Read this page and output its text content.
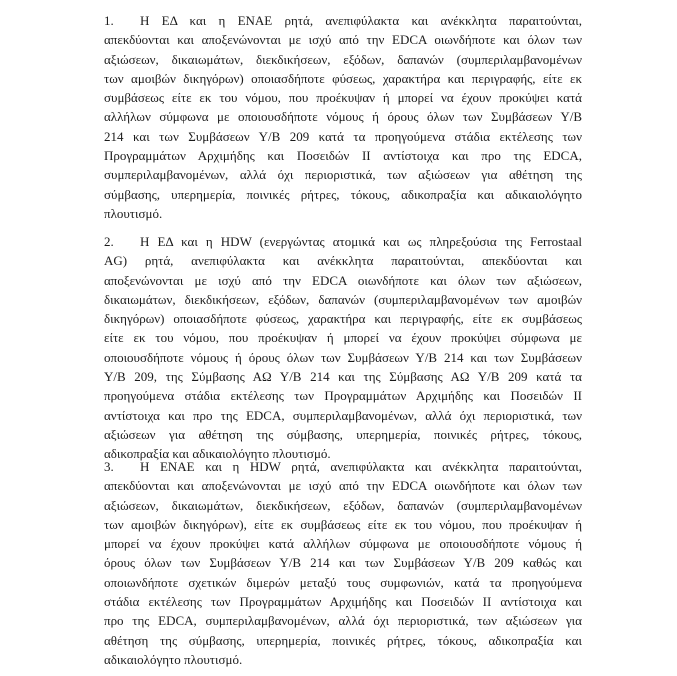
1. Η ΕΔ και η ΕΝΑΕ ρητά, ανεπιφύλακτα και ανέκκλητα παραιτούνται,
απεκδύονται και αποξενώνονται με ισχύ από την EDCA οιωνδήποτε και όλων των
αξιώσεων, δικαιωμάτων, διεκδικήσεων, εξόδων, δαπανών (συμπεριλαμβανομένων
των αμοιβών δικηγόρων) οποιασδήποτε φύσεως, χαρακτήρα και περιγραφής, είτε εκ
συμβάσεως είτε εκ του νόμου, που προέκυψαν ή μπορεί να έχουν προκύψει κατά
αλλήλων σύμφωνα με οποιουσδήποτε νόμους ή όρους όλων των Συμβάσεων Υ/Β
214 και των Συμβάσεων Υ/Β 209 κατά τα προηγούμενα στάδια εκτέλεσης των
Προγραμμάτων Αρχιμήδης και Ποσειδών ΙΙ αντίστοιχα και προ της EDCA,
συμπεριλαμβανομένων, αλλά όχι περιοριστικά, των αξιώσεων για αθέτηση της
σύμβασης, υπερημερία, ποινικές ρήτρες, τόκους, αδικοπραξία και αδικαιολόγητο
πλουτισμό.
2. Η ΕΔ και η HDW (ενεργώντας ατομικά και ως πληρεξούσια της Ferrostaal
AG) ρητά, ανεπιφύλακτα και ανέκκλητα παραιτούνται, απεκδύονται και
αποξενώνονται με ισχύ από την EDCA οιωνδήποτε και όλων των αξιώσεων,
δικαιωμάτων, διεκδικήσεων, εξόδων, δαπανών (συμπεριλαμβανομένων των αμοιβών
δικηγόρων) οποιασδήποτε φύσεως, χαρακτήρα και περιγραφής, είτε εκ συμβάσεως
είτε εκ του νόμου, που προέκυψαν ή μπορεί να έχουν προκύψει σύμφωνα με
οποιουσδήποτε νόμους ή όρους όλων των Συμβάσεων Υ/Β 214 και των Συμβάσεων
Υ/Β 209, της Σύμβασης ΑΩ Υ/Β 214 και της Σύμβασης ΑΩ Υ/Β 209 κατά τα
προηγούμενα στάδια εκτέλεσης των Προγραμμάτων Αρχιμήδης και Ποσειδών ΙΙ
αντίστοιχα και προ της EDCA, συμπεριλαμβανομένων, αλλά όχι περιοριστικά, των
αξιώσεων για αθέτηση της σύμβασης, υπερημερία, ποινικές ρήτρες, τόκους,
αδικοπραξία και αδικαιολόγητο πλουτισμό.
3. Η ΕΝΑΕ και η HDW ρητά, ανεπιφύλακτα και ανέκκλητα παραιτούνται,
απεκδύονται και αποξενώνονται με ισχύ από την EDCA οιωνδήποτε και όλων των
αξιώσεων, δικαιωμάτων, διεκδικήσεων, εξόδων, δαπανών (συμπεριλαμβανομένων
των αμοιβών δικηγόρων), είτε εκ συμβάσεως είτε εκ του νόμου, που προέκυψαν ή
μπορεί να έχουν προκύψει κατά αλλήλων σύμφωνα με οποιουσδήποτε νόμους ή
όρους όλων των Συμβάσεων Υ/Β 214 και των Συμβάσεων Υ/Β 209 καθώς και
οποιωνδήποτε σχετικών διμερών μεταξύ τους συμφωνιών, κατά τα προηγούμενα
στάδια εκτέλεσης των Προγραμμάτων Αρχιμήδης και Ποσειδών ΙΙ αντίστοιχα και
προ της EDCA, συμπεριλαμβανομένων, αλλά όχι περιοριστικά, των αξιώσεων για
αθέτηση της σύμβασης, υπερημερία, ποινικές ρήτρες, τόκους, αδικοπραξία και
αδικαιολόγητο πλουτισμό.
